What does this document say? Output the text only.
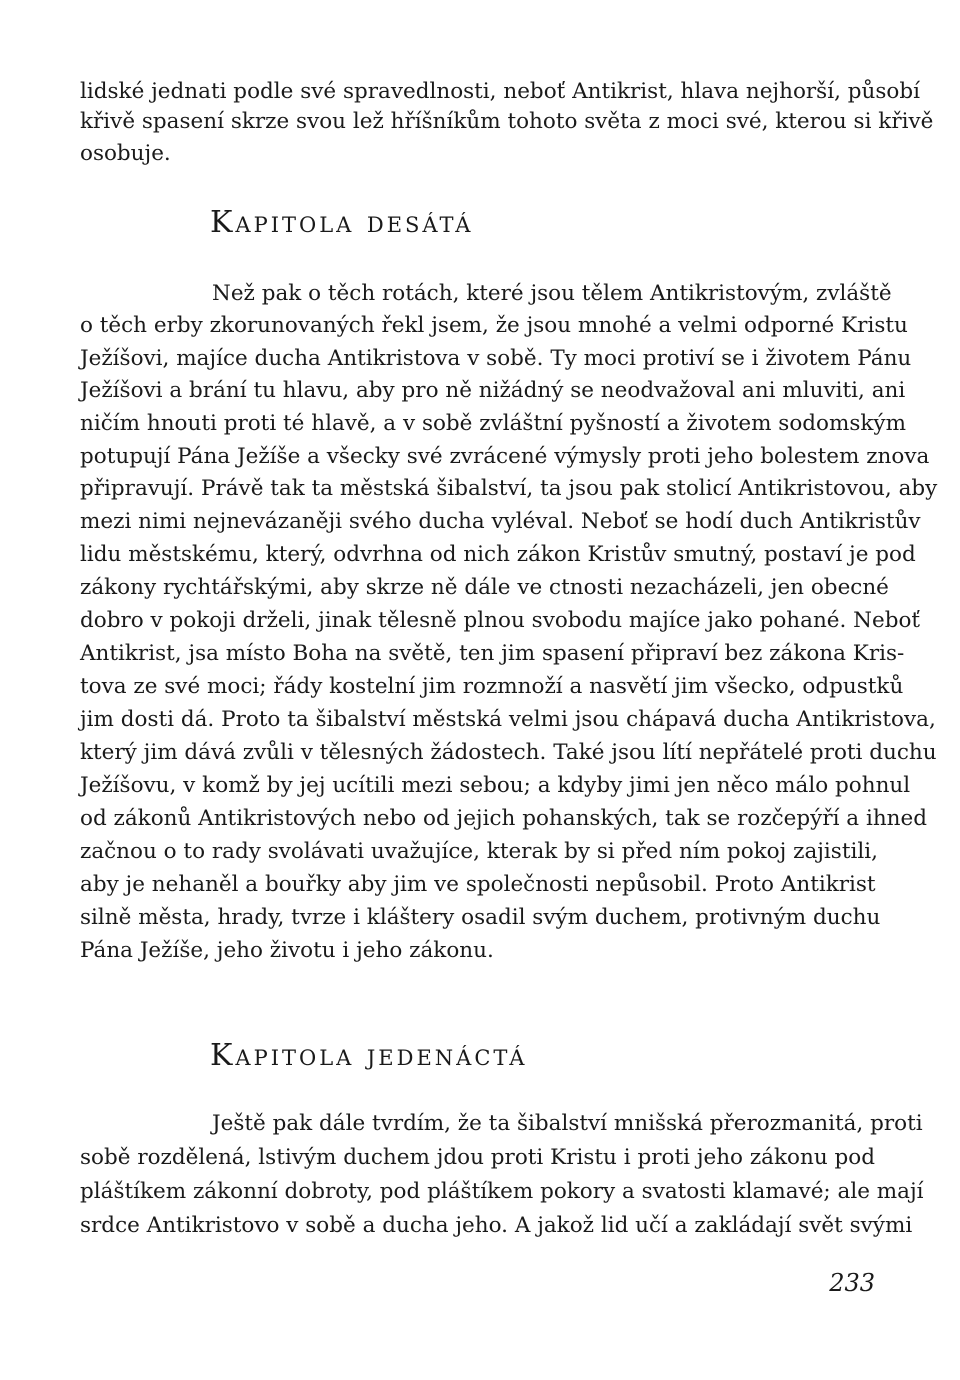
lidské jednati podle své spravedlnosti, neboť Antikrist, hlava nejhorší, působí
křivě spasení skrze svou lež hříšníkům tohoto světa z moci své, kterou si křivě
osobuje.
Kapitola desátá
Než pak o těch rotách, které jsou tělem Antikristovým, zvláště
o těch erby zkorunovaných řekl jsem, že jsou mnohé a velmi odporné Kristu
Ježíšovi, majíce ducha Antikristova v sobě. Ty moci protiví se i životem Pánu
Ježíšovi a brání tu hlavu, aby pro ně nižádný se neodvažoval ani mluviti, ani
ničím hnouti proti té hlavě, a v sobě zvláštní pyšností a životem sodomským
potupují Pána Ježíše a všecky své zvrácené výmysly proti jeho bolestem znova
připravují. Právě tak ta městská šibalství, ta jsou pak stolicí Antikristovou, aby
mezi nimi nejnevázaněji svého ducha vyléval. Neboť se hodí duch Antikristův
lidu městskému, který, odvrhna od nich zákon Kristův smutný, postaví je pod
zákony rychtářskými, aby skrze ně dále ve ctnosti nezacházeli, jen obecné
dobro v pokoji drželi, jinak tělesně plnou svobodu majíce jako pohané. Neboť
Antikrist, jsa místo Boha na světě, ten jim spasení připraví bez zákona Kris-
tova ze své moci; řády kostelní jim rozmnoží a nasvětí jim všecko, odpustků
jim dosti dá. Proto ta šibalství městská velmi jsou chápavá ducha Antikristova,
který jim dává zvůli v tělesných žádostech. Také jsou lítí nepřátelé proti duchu
Ježíšovu, v komž by jej ucítili mezi sebou; a kdyby jimi jen něco málo pohnul
od zákonů Antikristových nebo od jejich pohanských, tak se rozčepýří a ihned
začnou o to rady svolávati uvažujíce, kterak by si před ním pokoj zajistili,
aby je nehaněl a bouřky aby jim ve společnosti nepůsobil. Proto Antikrist
silně města, hrady, tvrze i kláštery osadil svým duchem, protivným duchu
Pána Ježíše, jeho životu i jeho zákonu.
Kapitola jedenáctá
Ještě pak dále tvrdím, že ta šibalství mnišská přerozmanitá, proti
sobě rozdělená, lstivým duchem jdou proti Kristu i proti jeho zákonu pod
pláštíkem zákonní dobroty, pod pláštíkem pokory a svatosti klamavé; ale mají
srdce Antikristovo v sobě a ducha jeho. A jakož lid učí a zakládají svět svými
233
